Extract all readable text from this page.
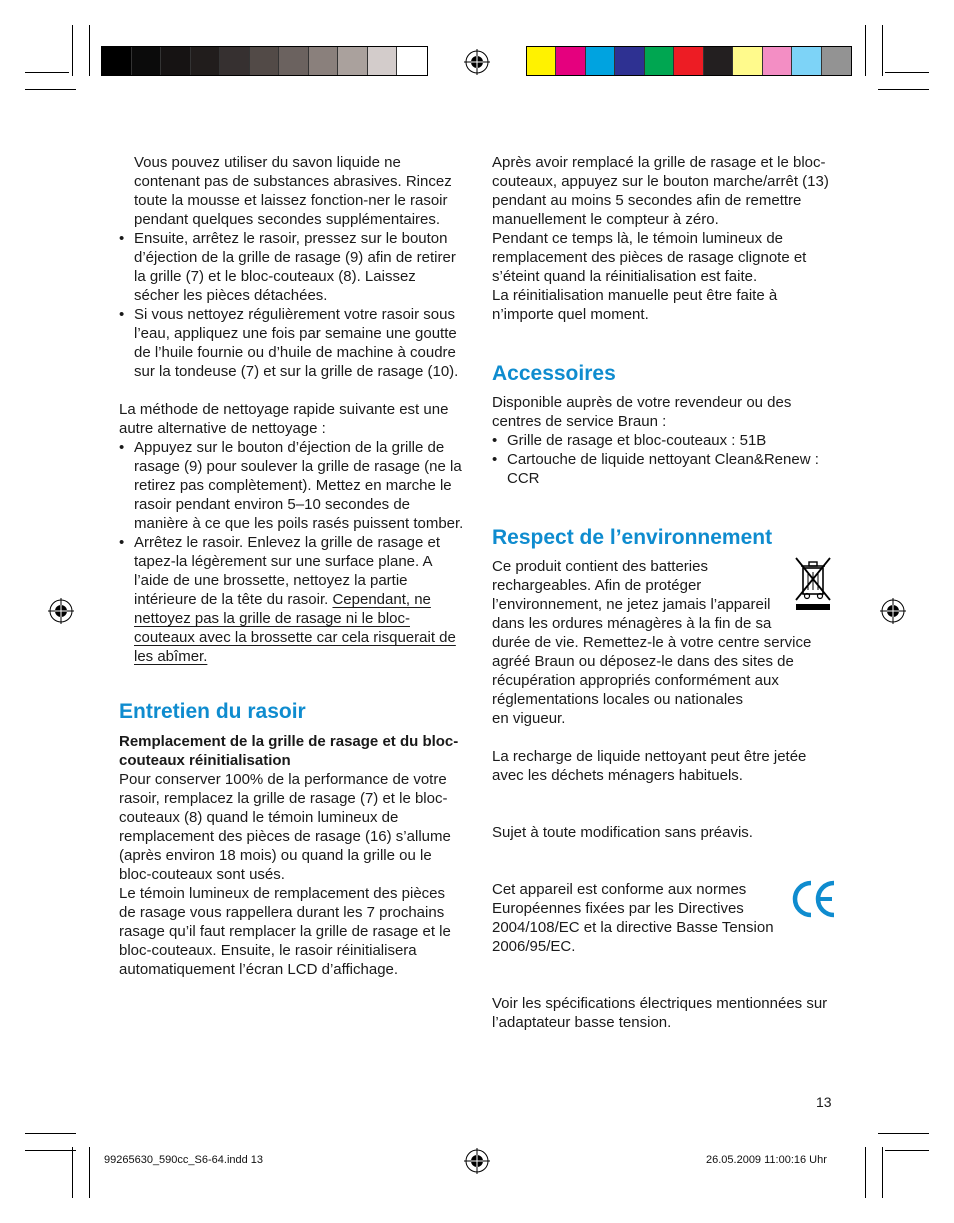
Vous pouvez utiliser du savon liquide ne contenant pas de substances abrasives. Rincez toute la mousse et laissez fonction-ner le rasoir pendant quelques secondes supplémentaires.

• Ensuite, arrêtez le rasoir, pressez sur le bouton d’éjection de la grille de rasage (9) afin de retirer la grille (7) et le bloc-couteaux (8). Laissez sécher les pièces détachées.
• Si vous nettoyez régulièrement votre rasoir sous l’eau, appliquez une fois par semaine une goutte de l’huile fournie ou d’huile de machine à coudre sur la tondeuse (7) et sur la grille de rasage (10).

La méthode de nettoyage rapide suivante est une autre alternative de nettoyage :

• Appuyez sur le bouton d’éjection de la grille de rasage (9) pour soulever la grille de rasage (ne la retirez pas complètement). Mettez en marche le rasoir pendant environ 5–10 secondes de manière à ce que les poils rasés puissent tomber.
• Arrêtez le rasoir. Enlevez la grille de rasage et tapez-la légèrement sur une surface plane. A l’aide de une brossette, nettoyez la partie intérieure de la tête du rasoir. Cependant, ne nettoyez pas la grille de rasage ni le bloc-couteaux avec la brossette car cela risquerait de les abîmer.
Entretien du rasoir

Remplacement de la grille de rasage et du bloc-couteaux réinitialisation

Pour conserver 100% de la performance de votre rasoir, remplacez la grille de rasage (7) et le bloc-couteaux (8) quand le témoin lumineux de remplacement des pièces de rasage (16) s’allume (après environ 18 mois) ou quand la grille ou le bloc-couteaux sont usés.

Le témoin lumineux de remplacement des pièces de rasage vous rappellera durant les 7 prochains rasage qu’il faut remplacer la grille de rasage et le bloc-couteaux. Ensuite, le rasoir réinitialisera automatiquement l’écran LCD d’affichage.

Après avoir remplacé la grille de rasage et le bloc-couteaux, appuyez sur le bouton marche/arrêt (13) pendant au moins 5 secondes afin de remettre manuellement le compteur à zéro.

Pendant ce temps là, le témoin lumineux de remplacement des pièces de rasage clignote et s’éteint quand la réinitialisation est faite.

La réinitialisation manuelle peut être faite à n’importe quel moment.

Accessoires

Disponible auprès de votre revendeur ou des centres de service Braun :

• Grille de rasage et bloc-couteaux : 51B
• Cartouche de liquide nettoyant Clean&Renew : CCR
Respect de l’environnement

Ce produit contient des batteries rechargeables. Afin de protéger l’environnement, ne jetez jamais l’appareil dans les ordures ménagères à la fin de sa durée de vie. Remettez-le à votre centre service agréé Braun ou déposez-le dans des sites de récupération appropriés conformément aux réglementations locales ou nationales
en vigueur.

La recharge de liquide nettoyant peut être jetée avec les déchets ménagers habituels.

Sujet à toute modification sans préavis.

Cet appareil est conforme aux normes Européennes fixées par les Directives 2004/108/EC et la directive Basse Tension 2006/95/EC.

Voir les spécifications électriques mentionnées sur l’adaptateur basse tension.

13
99265630_590cc_S6-64.indd 13	26.05.2009 11:00:16 Uhr
